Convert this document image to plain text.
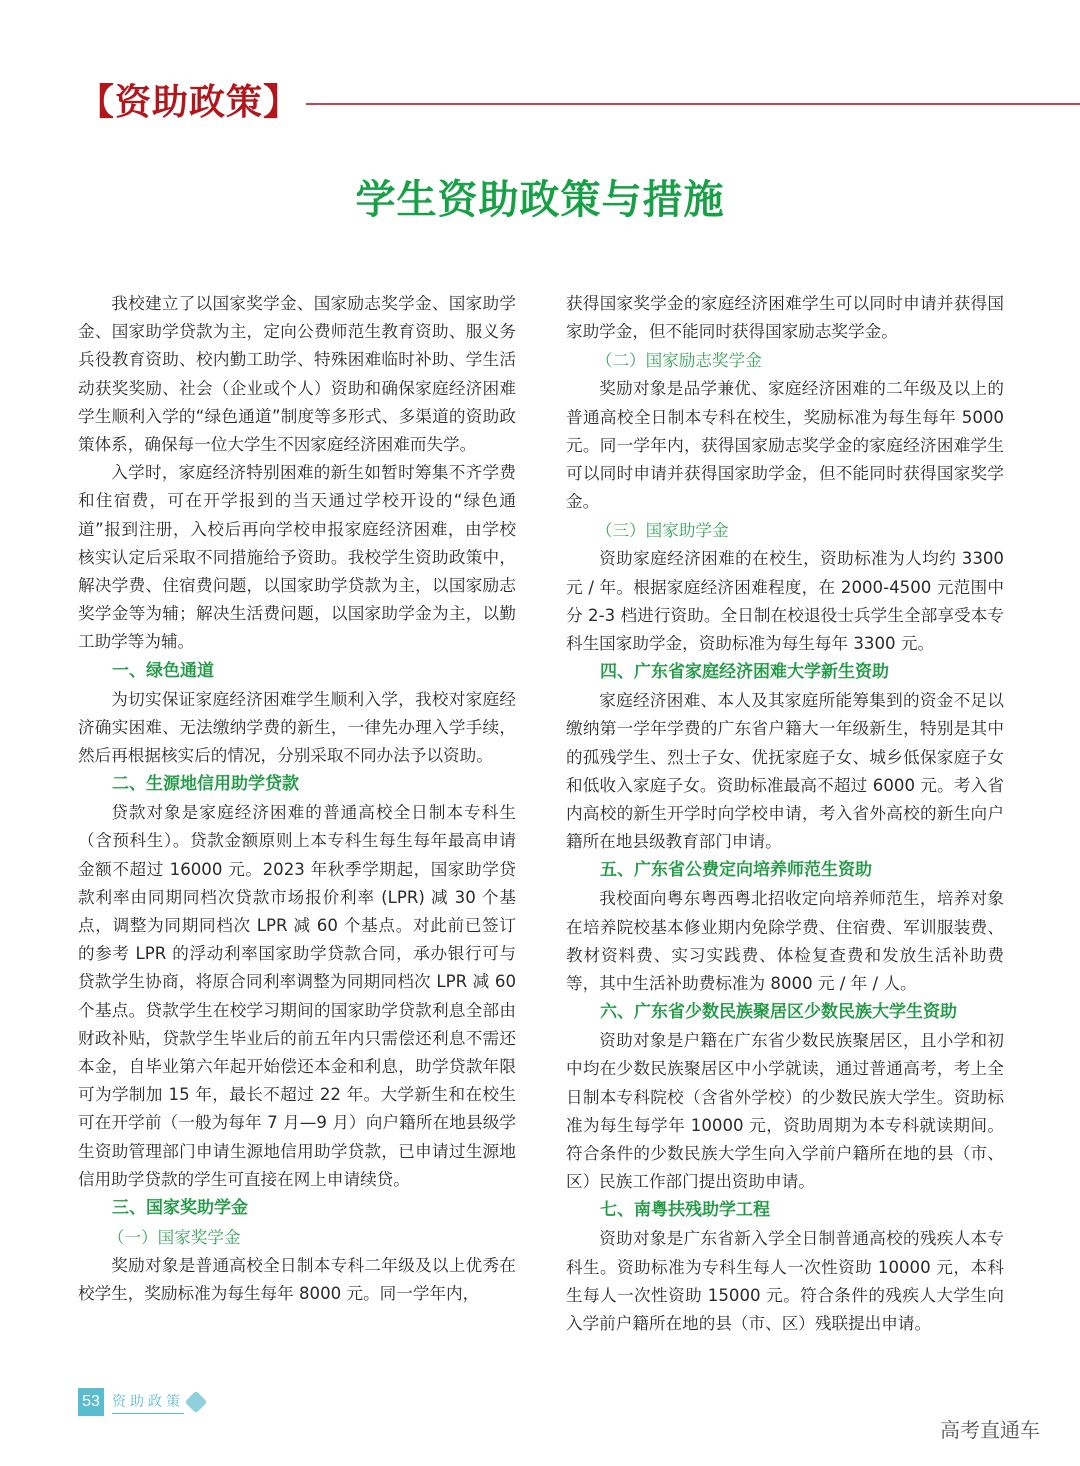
【资助政策】
学生资助政策与措施

我校建立了以国家奖学金、国家励志奖学金、国家助学金、国家助学贷款为主，定向公费师范生教育资助、服义务兵役教育资助、校内勤工助学、特殊困难临时补助、学生活动获奖奖励、社会（企业或个人）资助和确保家庭经济困难学生顺利入学的“绿色通道”制度等多形式、多渠道的资助政策体系，确保每一位大学生不因家庭经济困难而失学。

入学时，家庭经济特别困难的新生如暂时筹集不齐学费和住宿费，可在开学报到的当天通过学校开设的“绿色通道”报到注册，入校后再向学校申报家庭经济困难，由学校核实认定后采取不同措施给予资助。我校学生资助政策中，解决学费、住宿费问题，以国家助学贷款为主，以国家励志奖学金等为辅；解决生活费问题，以国家助学金为主，以勤工助学等为辅。

一、绿色通道

为切实保证家庭经济困难学生顺利入学，我校对家庭经济确实困难、无法缴纳学费的新生，一律先办理入学手续，然后再根据核实后的情况，分别采取不同办法予以资助。

二、生源地信用助学贷款

贷款对象是家庭经济困难的普通高校全日制本专科生（含预科生）。贷款金额原则上本专科生每生每年最高申请金额不超过 16000 元。2023 年秋季学期起，国家助学贷款利率由同期同档次贷款市场报价利率 (LPR) 减 30 个基点，调整为同期同档次 LPR 减 60 个基点。对此前已签订的参考 LPR 的浮动利率国家助学贷款合同，承办银行可与贷款学生协商，将原合同利率调整为同期同档次 LPR 减 60 个基点。贷款学生在校学习期间的国家助学贷款利息全部由财政补贴，贷款学生毕业后的前五年内只需偿还利息不需还本金，自毕业第六年起开始偿还本金和利息，助学贷款年限可为学制加 15 年，最长不超过 22 年。大学新生和在校生可在开学前（一般为每年 7 月—9 月）向户籍所在地县级学生资助管理部门申请生源地信用助学贷款，已申请过生源地信用助学贷款的学生可直接在网上申请续贷。

三、国家奖助学金
（一）国家奖学金

奖励对象是普通高校全日制本专科二年级及以上优秀在校学生，奖励标准为每生每年 8000 元。同一学年内，

获得国家奖学金的家庭经济困难学生可以同时申请并获得国家助学金，但不能同时获得国家励志奖学金。

（二）国家励志奖学金

奖励对象是品学兼优、家庭经济困难的二年级及以上的普通高校全日制本专科在校生，奖励标准为每生每年 5000 元。同一学年内，获得国家励志奖学金的家庭经济困难学生可以同时申请并获得国家助学金，但不能同时获得国家奖学金。

（三）国家助学金

资助家庭经济困难的在校生，资助标准为人均约 3300 元 / 年。根据家庭经济困难程度，在 2000-4500 元范围中分 2-3 档进行资助。全日制在校退役士兵学生全部享受本专科生国家助学金，资助标准为每生每年 3300 元。

四、广东省家庭经济困难大学新生资助

家庭经济困难、本人及其家庭所能筹集到的资金不足以缴纳第一学年学费的广东省户籍大一年级新生，特别是其中的孤残学生、烈士子女、优抚家庭子女、城乡低保家庭子女和低收入家庭子女。资助标准最高不超过 6000 元。考入省内高校的新生开学时向学校申请，考入省外高校的新生向户籍所在地县级教育部门申请。

五、广东省公费定向培养师范生资助

我校面向粤东粤西粤北招收定向培养师范生，培养对象在培养院校基本修业期内免除学费、住宿费、军训服装费、教材资料费、实习实践费、体检复查费和发放生活补助费等，其中生活补助费标准为 8000 元 / 年 / 人。

六、广东省少数民族聚居区少数民族大学生资助

资助对象是户籍在广东省少数民族聚居区，且小学和初中均在少数民族聚居区中小学就读，通过普通高考，考上全日制本专科院校（含省外学校）的少数民族大学生。资助标准为每生每学年 10000 元，资助周期为本专科就读期间。符合条件的少数民族大学生向入学前户籍所在地的县（市、区）民族工作部门提出资助申请。

七、南粤扶残助学工程

资助对象是广东省新入学全日制普通高校的残疾人本专科生。资助标准为专科生每人一次性资助 10000 元，本科生每人一次性资助 15000 元。符合条件的残疾人大学生向入学前户籍所在地的县（市、区）残联提出申请。

53 资助政策
高考直通车
